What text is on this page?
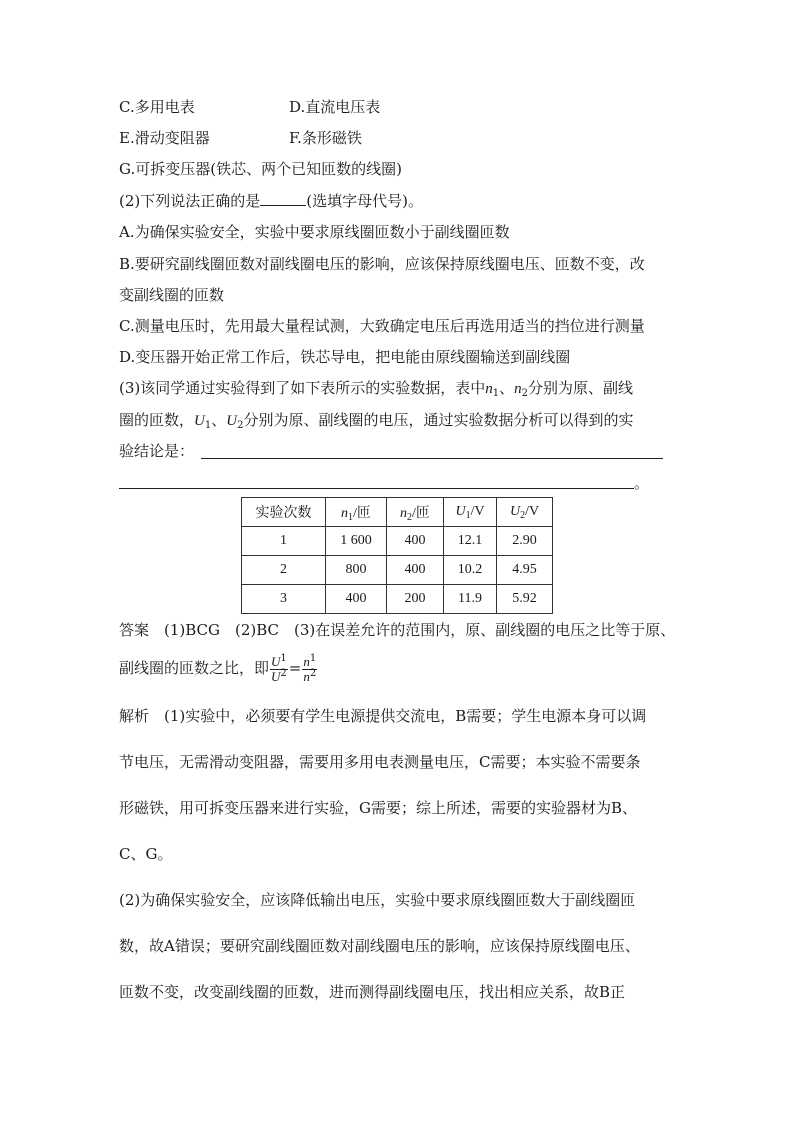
C.多用电表	D.直流电压表
E.滑动变阻器	F.条形磁铁
G.可拆变压器(铁芯、两个已知匝数的线圈)
(2)下列说法正确的是	(选填字母代号)。
A.为确保实验安全，实验中要求原线圈匝数小于副线圈匝数
B.要研究副线圈匝数对副线圈电压的影响，应该保持原线圈电压、匝数不变，改
变副线圈的匝数
C.测量电压时，先用最大量程试测，大致确定电压后再选用适当的挡位进行测量
D.变压器开始正常工作后，铁芯导电，把电能由原线圈输送到副线圈
(3)该同学通过实验得到了如下表所示的实验数据，表中$n_1$、$n_2$分别为原、副线
圈的匝数，$U_1$、$U_2$分别为原、副线圈的电压，通过实验数据分析可以得到的实
验结论是：
。
实验次数	$n_1/$匝	$n_2/$匝	$U_1/V$	$U_2/V$
1	1 600	400	12.1	2.90
2	800	400	10.2	4.95
3	400	200	11.9	5.92
答案　(1)BCG　(2)BC　(3)在误差允许的范围内，原、副线圈的电压之比等于原、
副线圈的匝数之比，即 $\frac{U^1}{U^2} = \frac{n^1}{n^2}$
解析　(1)实验中，必须要有学生电源提供交流电，B需要；学生电源本身可以调
节电压，无需滑动变阻器，需要用多用电表测量电压，C需要；本实验不需要条
形磁铁，用可拆变压器来进行实验，G需要；综上所述，需要的实验器材为B、
C、G。
(2)为确保实验安全，应该降低输出电压，实验中要求原线圈匝数大于副线圈匝
数，故A错误；要研究副线圈匝数对副线圈电压的影响，应该保持原线圈电压、
匝数不变，改变副线圈的匝数，进而测得副线圈电压，找出相应关系，故B正
